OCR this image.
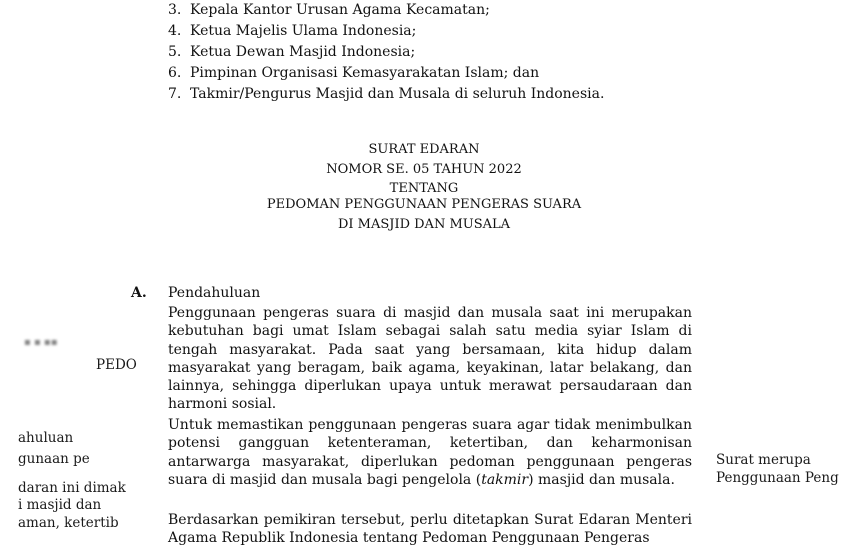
3. Kepala Kantor Urusan Agama Kecamatan;
4. Ketua Majelis Ulama Indonesia;
5. Ketua Dewan Masjid Indonesia;
6. Pimpinan Organisasi Kemasyarakatan Islam; dan
7. Takmir/Pengurus Masjid dan Musala di seluruh Indonesia.
SURAT EDARAN
NOMOR SE. 05 TAHUN 2022
TENTANG
PEDOMAN PENGGUNAAN PENGERAS SUARA
DI MASJID DAN MUSALA
A. Pendahuluan

Penggunaan pengeras suara di masjid dan musala saat ini merupakan kebutuhan bagi umat Islam sebagai salah satu media syiar Islam di tengah masyarakat. Pada saat yang bersamaan, kita hidup dalam masyarakat yang beragam, baik agama, keyakinan, latar belakang, dan lainnya, sehingga diperlukan upaya untuk merawat persaudaraan dan harmoni sosial.

Untuk memastikan penggunaan pengeras suara agar tidak menimbulkan potensi gangguan ketenteraman, ketertiban, dan keharmonisan antarwarga masyarakat, diperlukan pedoman penggunaan pengeras suara di masjid dan musala bagi pengelola (takmir) masjid dan musala.

Berdasarkan pemikiran tersebut, perlu ditetapkan Surat Edaran Menteri Agama Republik Indonesia tentang Pedoman Penggunaan Pengeras

▪ ▪ ▪▪
PEDO
ahuluan
gunaan pe
daran ini dimak
i masjid dan
aman, ketertib
Surat merupa
Penggunaan Peng
